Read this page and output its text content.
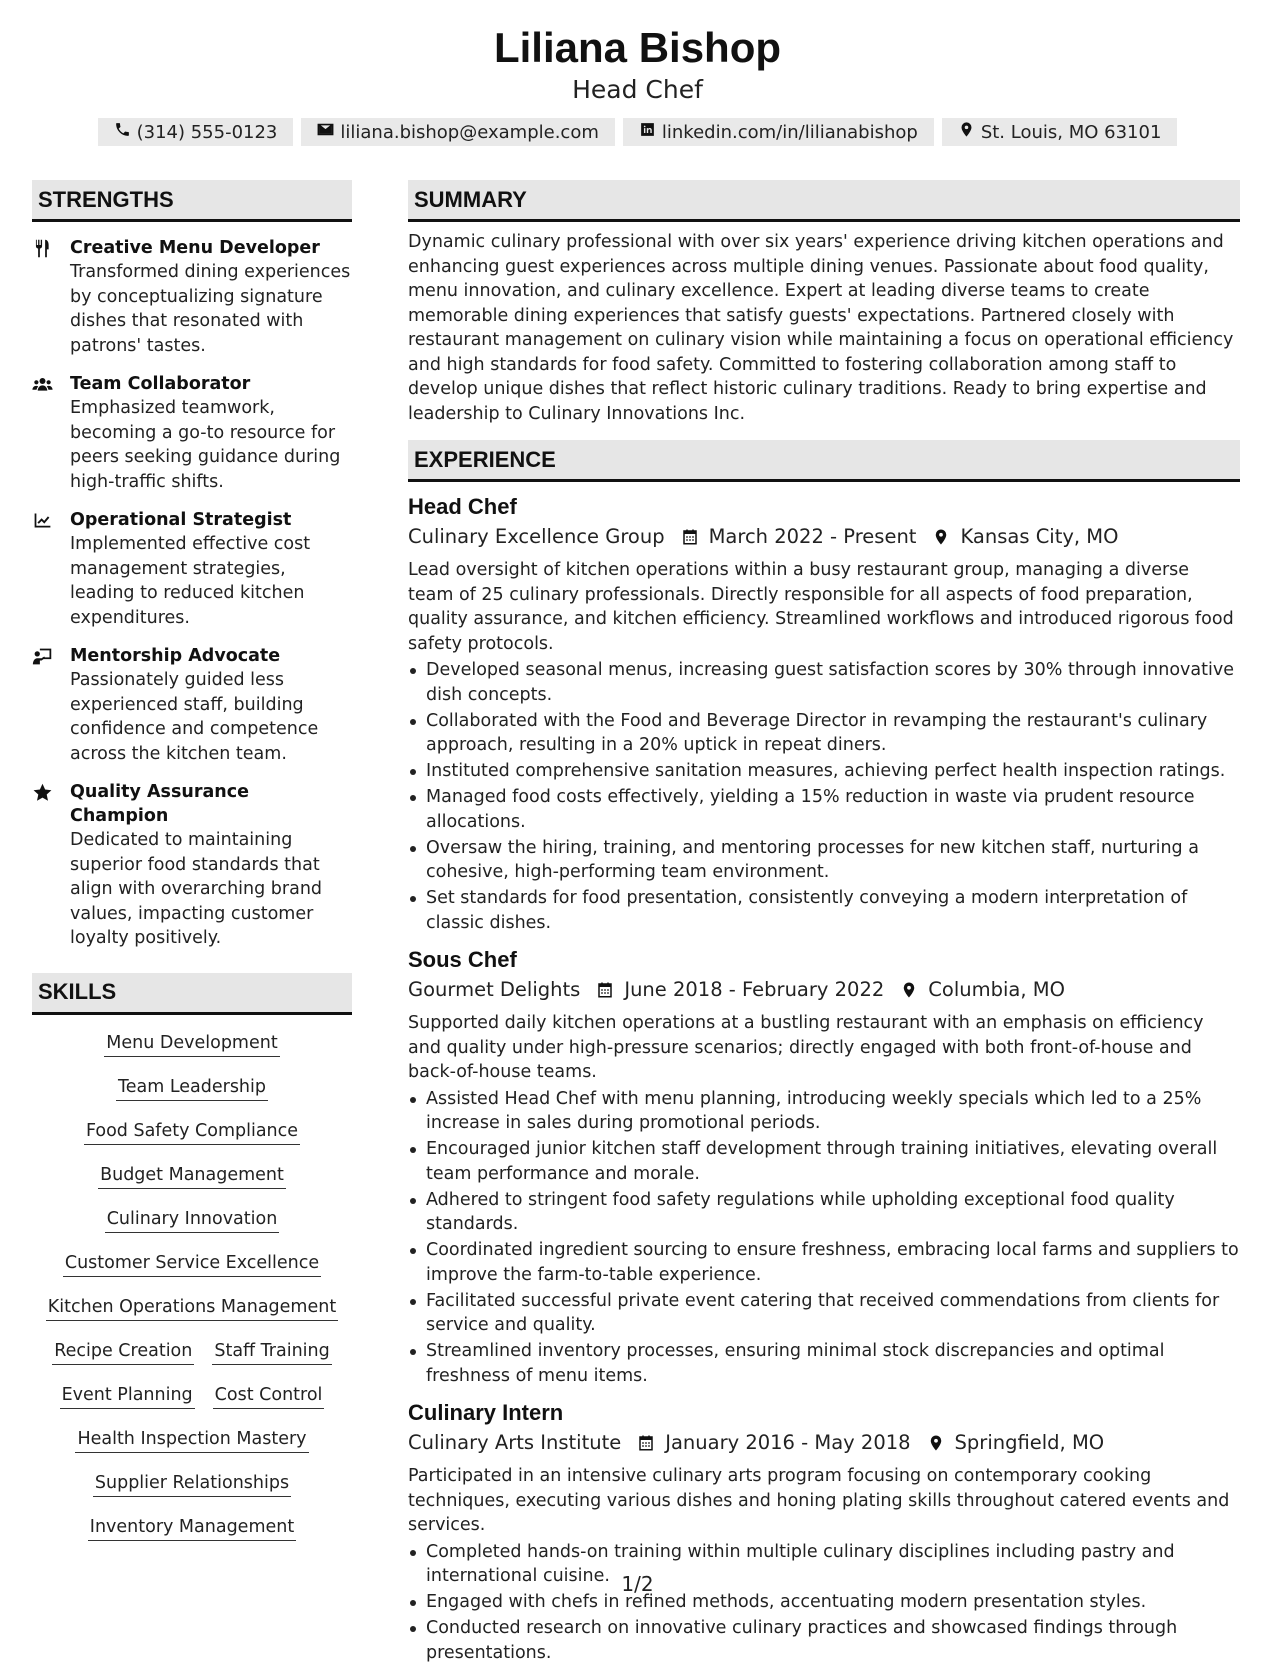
Liliana Bishop
Head Chef
(314) 555-0123	liliana.bishop@example.com	linkedin.com/in/lilianabishop	St. Louis, MO 63101
STRENGTHS
Creative Menu Developer
Transformed dining experiences by conceptualizing signature dishes that resonated with patrons' tastes.
Team Collaborator
Emphasized teamwork, becoming a go-to resource for peers seeking guidance during high-traffic shifts.
Operational Strategist
Implemented effective cost management strategies, leading to reduced kitchen expenditures.
Mentorship Advocate
Passionately guided less experienced staff, building confidence and competence across the kitchen team.
Quality Assurance Champion
Dedicated to maintaining superior food standards that align with overarching brand values, impacting customer loyalty positively.
SKILLS
Menu Development
Team Leadership
Food Safety Compliance
Budget Management
Culinary Innovation
Customer Service Excellence
Kitchen Operations Management
Recipe Creation Staff Training
Event Planning Cost Control
Health Inspection Mastery
Supplier Relationships
Inventory Management
SUMMARY
Dynamic culinary professional with over six years' experience driving kitchen operations and enhancing guest experiences across multiple dining venues. Passionate about food quality, menu innovation, and culinary excellence. Expert at leading diverse teams to create memorable dining experiences that satisfy guests' expectations. Partnered closely with restaurant management on culinary vision while maintaining a focus on operational efficiency and high standards for food safety. Committed to fostering collaboration among staff to develop unique dishes that reflect historic culinary traditions. Ready to bring expertise and leadership to Culinary Innovations Inc.
EXPERIENCE
Head Chef
Culinary Excellence Group March 2022 - Present Kansas City, MO
Lead oversight of kitchen operations within a busy restaurant group, managing a diverse team of 25 culinary professionals. Directly responsible for all aspects of food preparation, quality assurance, and kitchen efficiency. Streamlined workflows and introduced rigorous food safety protocols.
Developed seasonal menus, increasing guest satisfaction scores by 30% through innovative dish concepts.
Collaborated with the Food and Beverage Director in revamping the restaurant's culinary approach, resulting in a 20% uptick in repeat diners.
Instituted comprehensive sanitation measures, achieving perfect health inspection ratings.
Managed food costs effectively, yielding a 15% reduction in waste via prudent resource allocations.
Oversaw the hiring, training, and mentoring processes for new kitchen staff, nurturing a cohesive, high-performing team environment.
Set standards for food presentation, consistently conveying a modern interpretation of classic dishes.
Sous Chef
Gourmet Delights June 2018 - February 2022 Columbia, MO
Supported daily kitchen operations at a bustling restaurant with an emphasis on efficiency and quality under high-pressure scenarios; directly engaged with both front-of-house and back-of-house teams.
Assisted Head Chef with menu planning, introducing weekly specials which led to a 25% increase in sales during promotional periods.
Encouraged junior kitchen staff development through training initiatives, elevating overall team performance and morale.
Adhered to stringent food safety regulations while upholding exceptional food quality standards.
Coordinated ingredient sourcing to ensure freshness, embracing local farms and suppliers to improve the farm-to-table experience.
Facilitated successful private event catering that received commendations from clients for service and quality.
Streamlined inventory processes, ensuring minimal stock discrepancies and optimal freshness of menu items.
Culinary Intern
Culinary Arts Institute January 2016 - May 2018 Springfield, MO
Participated in an intensive culinary arts program focusing on contemporary cooking techniques, executing various dishes and honing plating skills throughout catered events and services.
Completed hands-on training within multiple culinary disciplines including pastry and international cuisine.
Engaged with chefs in refined methods, accentuating modern presentation styles.
Conducted research on innovative culinary practices and showcased findings through presentations.
1/2
